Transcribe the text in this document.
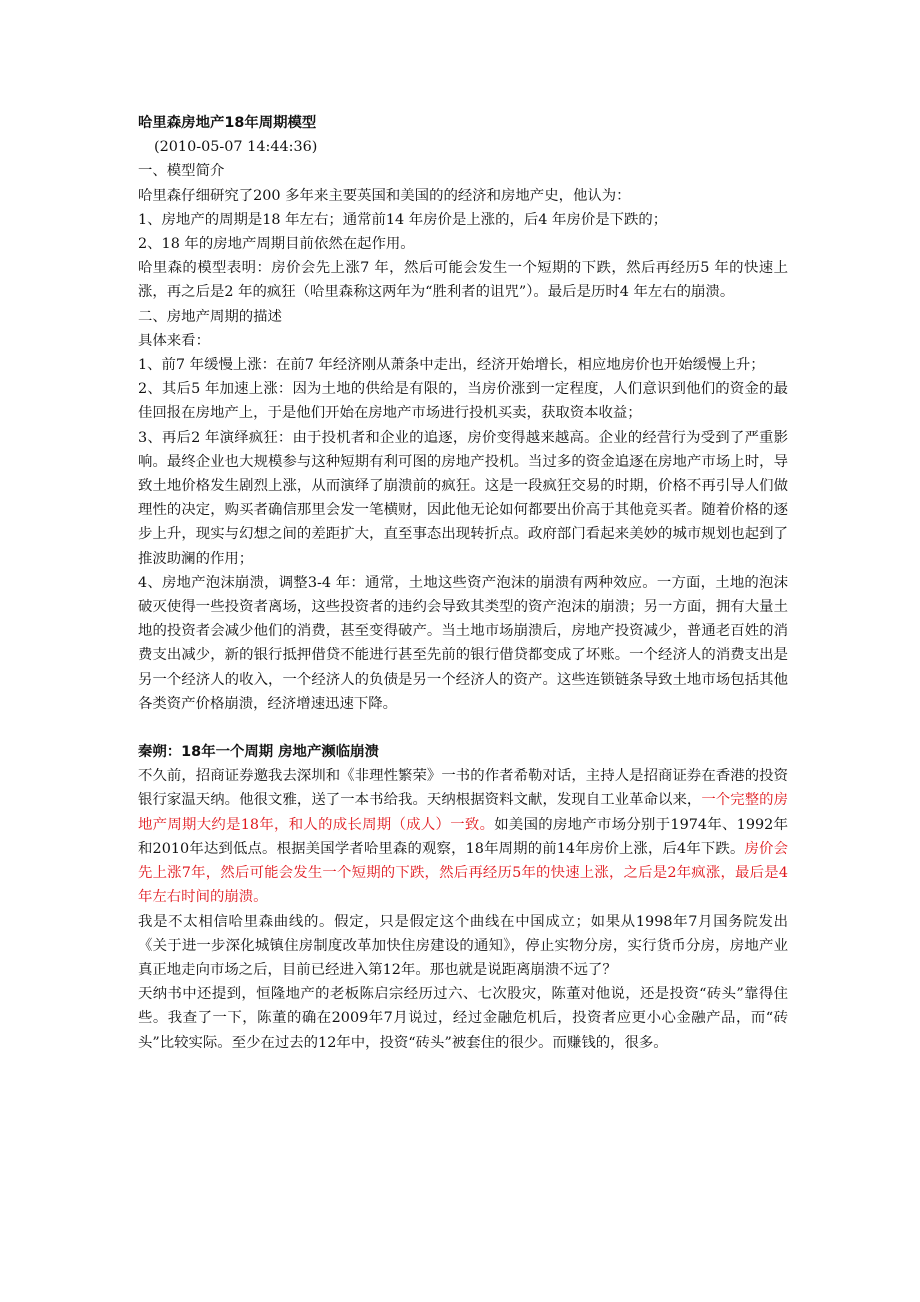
哈里森房地产18年周期模型
(2010-05-07 14:44:36)

一、模型简介

哈里森仔细研究了200 多年来主要英国和美国的的经济和房地产史，他认为：

1、房地产的周期是18 年左右；通常前14 年房价是上涨的，后4 年房价是下跌的；

2、18 年的房地产周期目前依然在起作用。

哈里森的模型表明：房价会先上涨7 年，然后可能会发生一个短期的下跌，然后再经历5 年的快速上涨，再之后是2 年的疯狂（哈里森称这两年为“胜利者的诅咒”）。最后是历时4 年左右的崩溃。

二、房地产周期的描述

具体来看：

1、前7 年缓慢上涨：在前7 年经济刚从萧条中走出，经济开始增长，相应地房价也开始缓慢上升；

2、其后5 年加速上涨：因为土地的供给是有限的，当房价涨到一定程度，人们意识到他们的资金的最佳回报在房地产上，于是他们开始在房地产市场进行投机买卖，获取资本收益；

3、再后2 年演绎疯狂：由于投机者和企业的追逐，房价变得越来越高。企业的经营行为受到了严重影响。最终企业也大规模参与这种短期有利可图的房地产投机。当过多的资金追逐在房地产市场上时，导致土地价格发生剧烈上涨，从而演绎了崩溃前的疯狂。这是一段疯狂交易的时期，价格不再引导人们做理性的决定，购买者确信那里会发一笔横财，因此他无论如何都要出价高于其他竞买者。随着价格的逐步上升，现实与幻想之间的差距扩大，直至事态出现转折点。政府部门看起来美妙的城市规划也起到了推波助澜的作用；

4、房地产泡沫崩溃，调整3-4 年：通常，土地这些资产泡沫的崩溃有两种效应。一方面，土地的泡沫破灭使得一些投资者离场，这些投资者的违约会导致其类型的资产泡沫的崩溃；另一方面，拥有大量土地的投资者会减少他们的消费，甚至变得破产。当土地市场崩溃后，房地产投资减少，普通老百姓的消费支出减少，新的银行抵押借贷不能进行甚至先前的银行借贷都变成了坏账。一个经济人的消费支出是另一个经济人的收入，一个经济人的负债是另一个经济人的资产。这些连锁链条导致土地市场包括其他各类资产价格崩溃，经济增速迅速下降。

秦朔：18年一个周期 房地产濒临崩溃

不久前，招商证券邀我去深圳和《非理性繁荣》一书的作者希勒对话，主持人是招商证券在香港的投资银行家温天纳。他很文雅，送了一本书给我。天纳根据资料文献，发现自工业革命以来，一个完整的房地产周期大约是18年，和人的成长周期（成人）一致。如美国的房地产市场分别于1974年、1992年和2010年达到低点。根据美国学者哈里森的观察，18年周期的前14年房价上涨，后4年下跌。房价会先上涨7年，然后可能会发生一个短期的下跌，然后再经历5年的快速上涨，之后是2年疯涨，最后是4年左右时间的崩溃。

我是不太相信哈里森曲线的。假定，只是假定这个曲线在中国成立；如果从1998年7月国务院发出《关于进一步深化城镇住房制度改革加快住房建设的通知》，停止实物分房，实行货币分房，房地产业真正地走向市场之后，目前已经进入第12年。那也就是说距离崩溃不远了？

天纳书中还提到，恒隆地产的老板陈启宗经历过六、七次股灾，陈董对他说，还是投资“砖头”靠得住些。我查了一下，陈董的确在2009年7月说过，经过金融危机后，投资者应更小心金融产品，而“砖头”比较实际。至少在过去的12年中，投资“砖头”被套住的很少。而赚钱的，很多。
